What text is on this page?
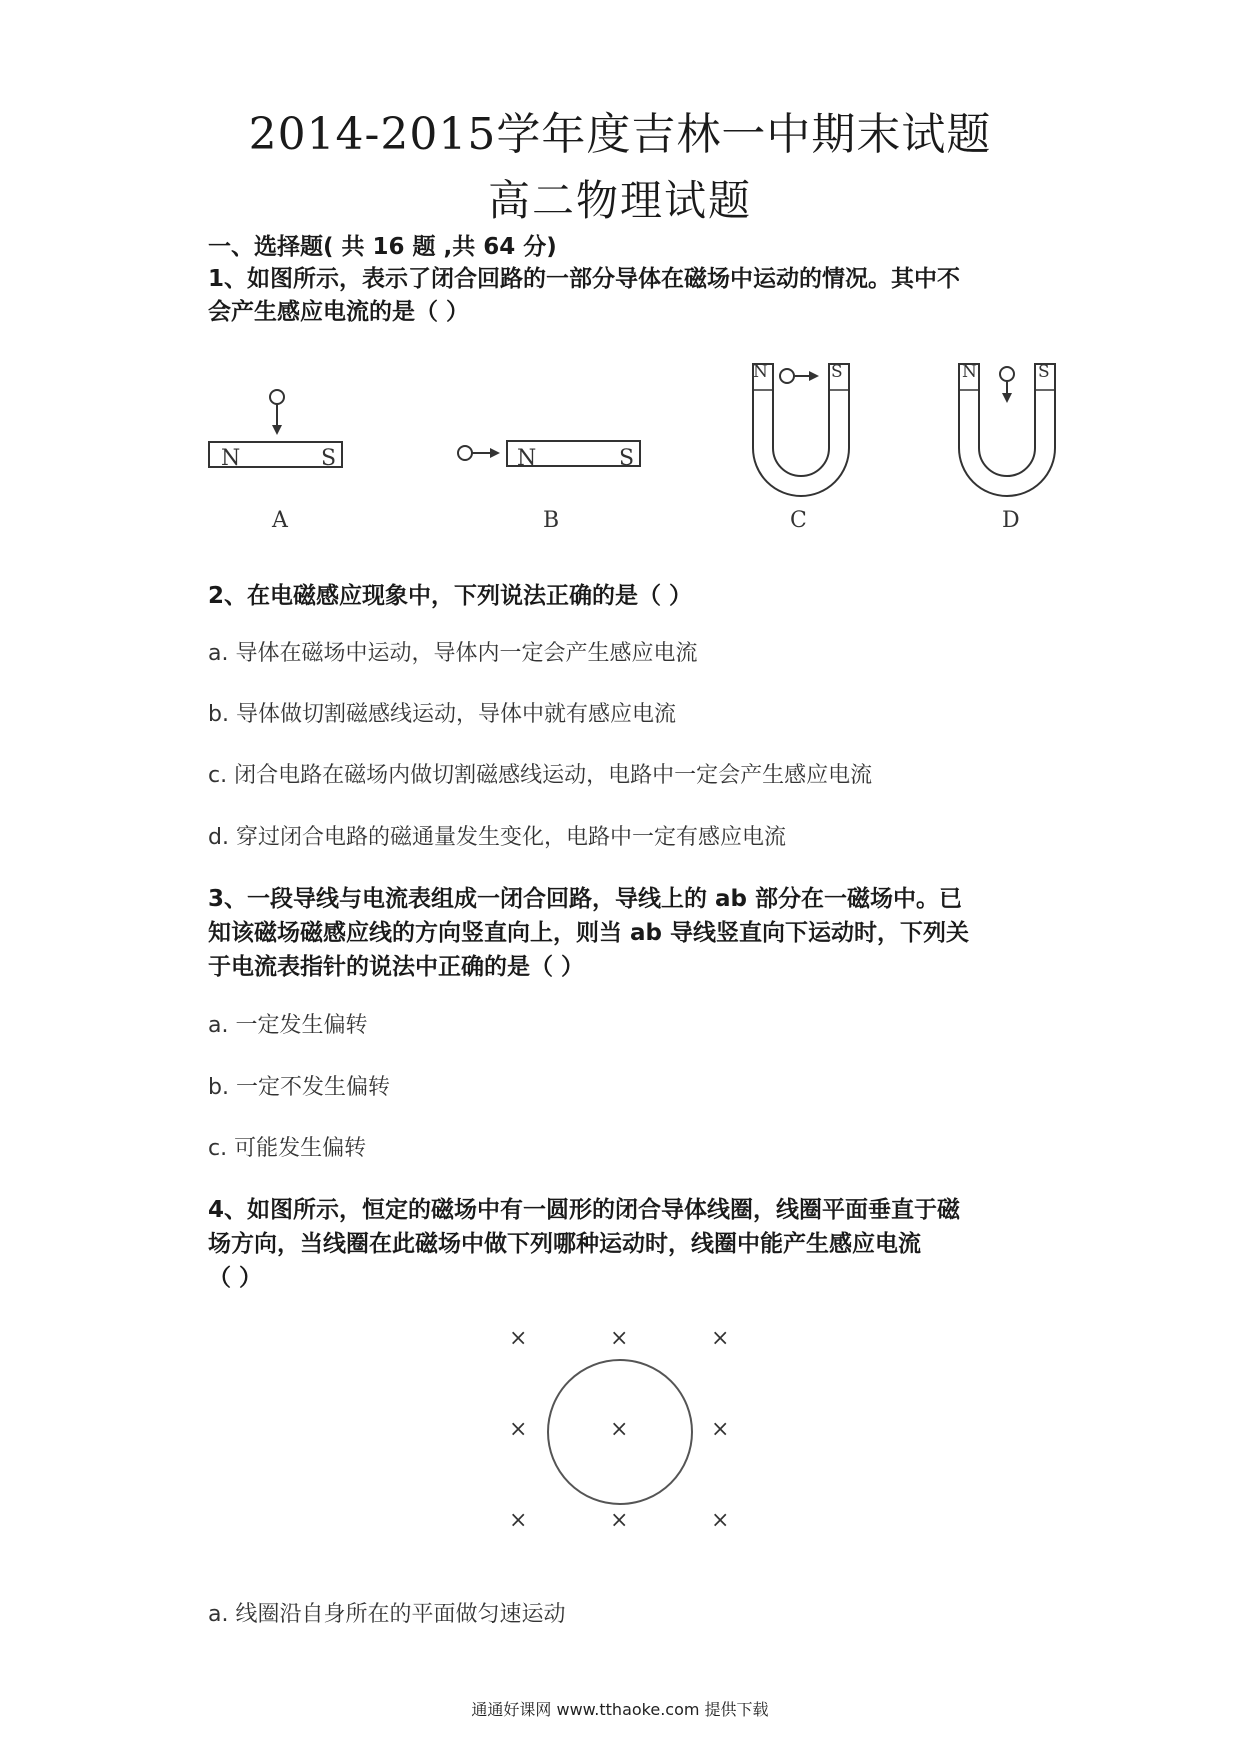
2014-2015学年度吉林一中期末试题
高二物理试题
一、选择题( 共 16 题 ,共 64 分)
1、如图所示，表示了闭合回路的一部分导体在磁场中运动的情况。其中不
会产生感应电流的是（ ）
N	S
A
N	S
B
N	S
C
N	S
D
2、在电磁感应现象中，下列说法正确的是（ ）
a. 导体在磁场中运动，导体内一定会产生感应电流
b. 导体做切割磁感线运动，导体中就有感应电流
c. 闭合电路在磁场内做切割磁感线运动，电路中一定会产生感应电流
d. 穿过闭合电路的磁通量发生变化，电路中一定有感应电流
3、一段导线与电流表组成一闭合回路，导线上的 ab 部分在一磁场中。已
知该磁场磁感应线的方向竖直向上，则当 ab 导线竖直向下运动时，下列关
于电流表指针的说法中正确的是（ ）
a. 一定发生偏转
b. 一定不发生偏转
c. 可能发生偏转
4、如图所示，恒定的磁场中有一圆形的闭合导体线圈，线圈平面垂直于磁
场方向，当线圈在此磁场中做下列哪种运动时，线圈中能产生感应电流
（ ）
×	×	×
×	×	×
×	×	×
a. 线圈沿自身所在的平面做匀速运动
通通好课网 www.tthaoke.com 提供下载
